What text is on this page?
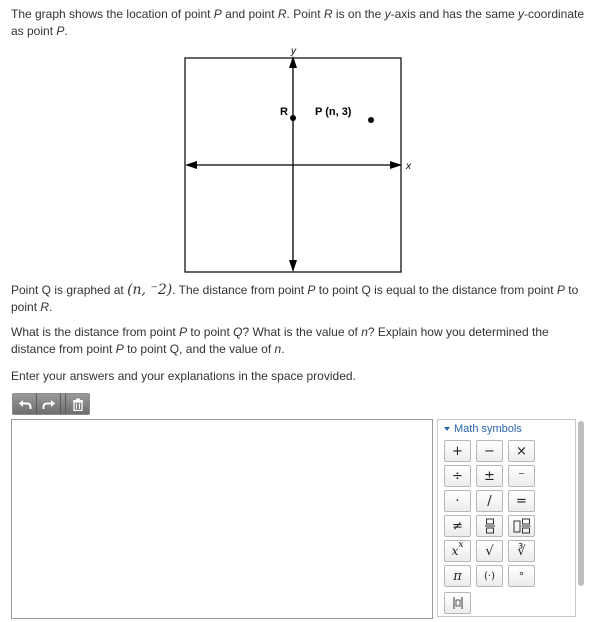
The graph shows the location of point P and point R. Point R is on the y-axis and has the same y-coordinate as point P.

y
x
R P (n, 3)

Point Q is graphed at (n, ⁻2). The distance from point P to point Q is equal to the distance from point P to point R.

What is the distance from point P to point Q? What is the value of n? Explain how you determined the distance from point P to point Q, and the value of n.

Enter your answers and your explanations in the space provided.

Math symbols
+	−	×
÷	±	⁻
·	/	=
≠
x x	√	∛
π	(·)	°
